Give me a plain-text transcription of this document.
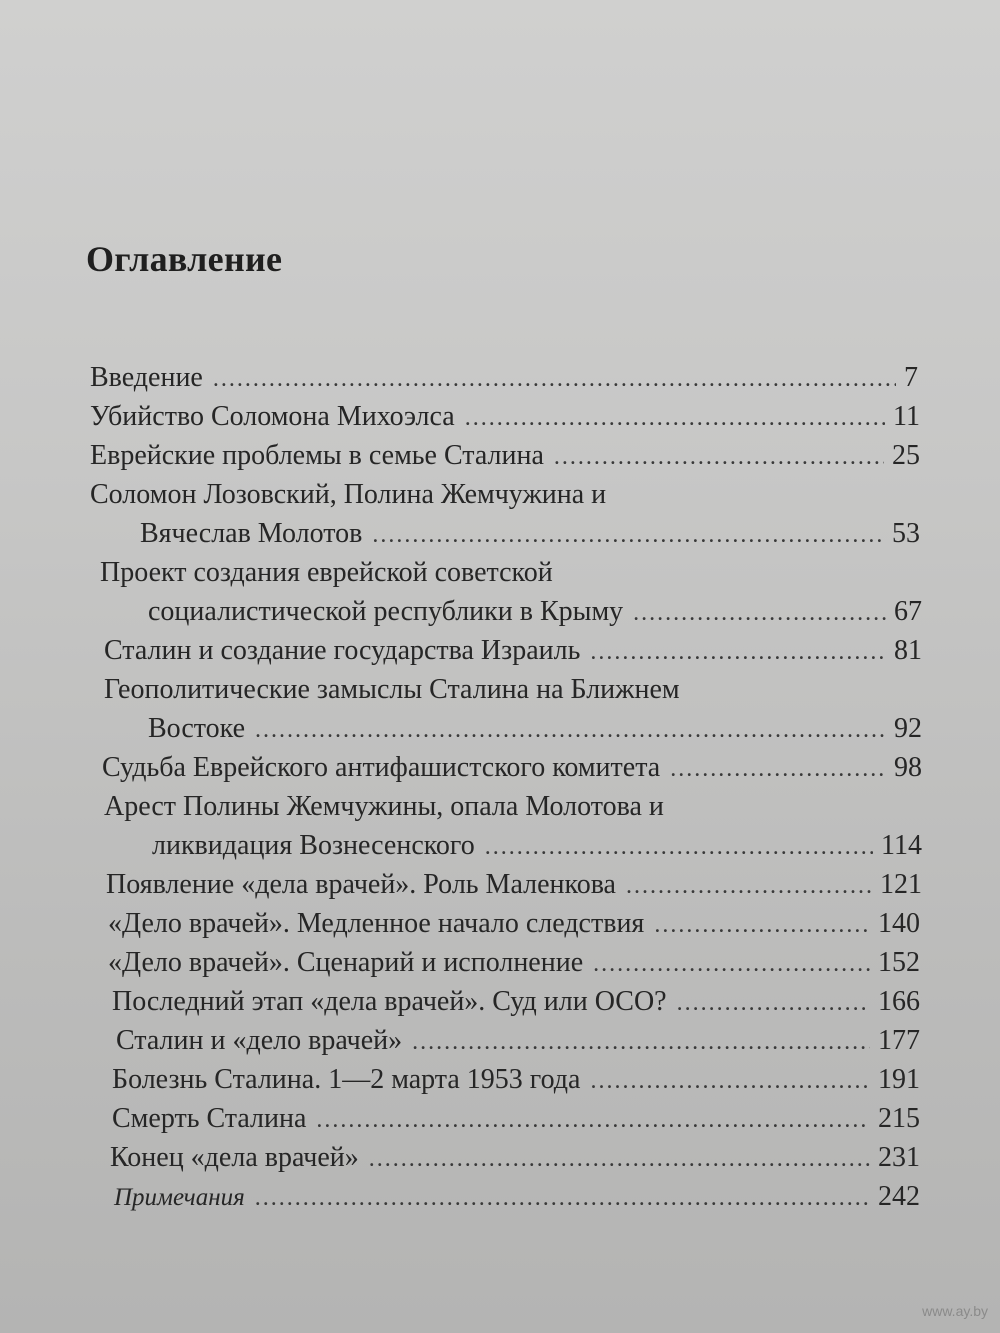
Оглавление
Введение .....	7
Убийство Соломона Михоэлса .....	11
Еврейские проблемы в семье Сталина .....	25
Соломон Лозовский, Полина Жемчужина и
Вячеслав Молотов .....	53
Проект создания еврейской советской
социалистической республики в Крыму .....	67
Сталин и создание государства Израиль .....	81
Геополитические замыслы Сталина на Ближнем
Востоке .....	92
Судьба Еврейского антифашистского комитета .....	98
Арест Полины Жемчужины, опала Молотова и
ликвидация Вознесенского .....	114
Появление «дела врачей». Роль Маленкова .....	121
«Дело врачей». Медленное начало следствия .....	140
«Дело врачей». Сценарий и исполнение .....	152
Последний этап «дела врачей». Суд или ОСО? .....	166
Сталин и «дело врачей» .....	177
Болезнь Сталина. 1—2 марта 1953 года .....	191
Смерть Сталина .....	215
Конец «дела врачей» .....	231
Примечания .....	242
www.ay.by
